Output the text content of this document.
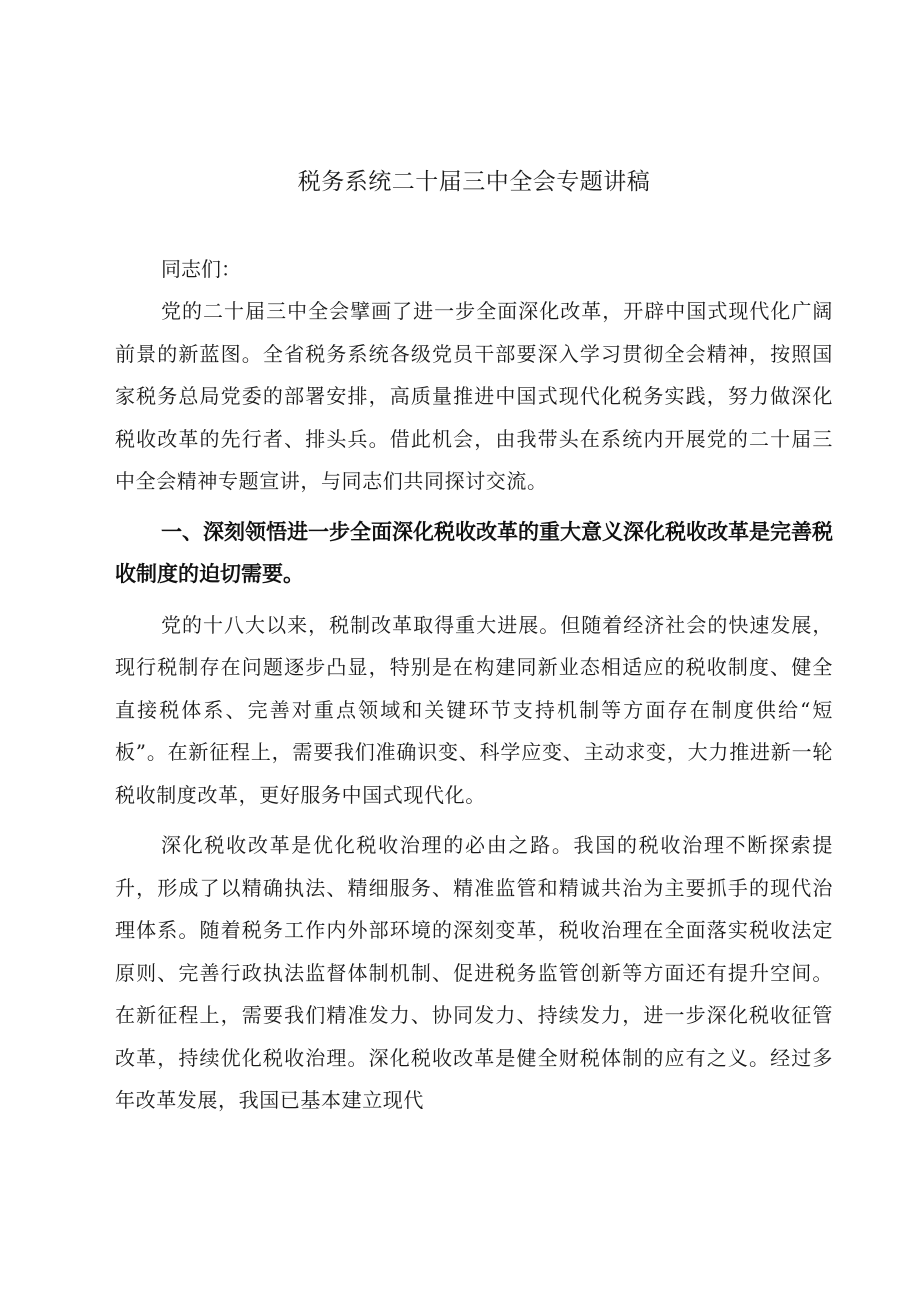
税务系统二十届三中全会专题讲稿

同志们：

党的二十届三中全会擘画了进一步全面深化改革，开辟中国式现代化广阔前景的新蓝图。全省税务系统各级党员干部要深入学习贯彻全会精神，按照国家税务总局党委的部署安排，高质量推进中国式现代化税务实践，努力做深化税收改革的先行者、排头兵。借此机会，由我带头在系统内开展党的二十届三中全会精神专题宣讲，与同志们共同探讨交流。

一、深刻领悟进一步全面深化税收改革的重大意义深化税收改革是完善税收制度的迫切需要。

党的十八大以来，税制改革取得重大进展。但随着经济社会的快速发展，现行税制存在问题逐步凸显，特别是在构建同新业态相适应的税收制度、健全直接税体系、完善对重点领域和关键环节支持机制等方面存在制度供给“短板”。在新征程上，需要我们准确识变、科学应变、主动求变，大力推进新一轮税收制度改革，更好服务中国式现代化。

深化税收改革是优化税收治理的必由之路。我国的税收治理不断探索提升，形成了以精确执法、精细服务、精准监管和精诚共治为主要抓手的现代治理体系。随着税务工作内外部环境的深刻变革，税收治理在全面落实税收法定原则、完善行政执法监督体制机制、促进税务监管创新等方面还有提升空间。在新征程上，需要我们精准发力、协同发力、持续发力，进一步深化税收征管改革，持续优化税收治理。深化税收改革是健全财税体制的应有之义。经过多年改革发展，我国已基本建立现代
